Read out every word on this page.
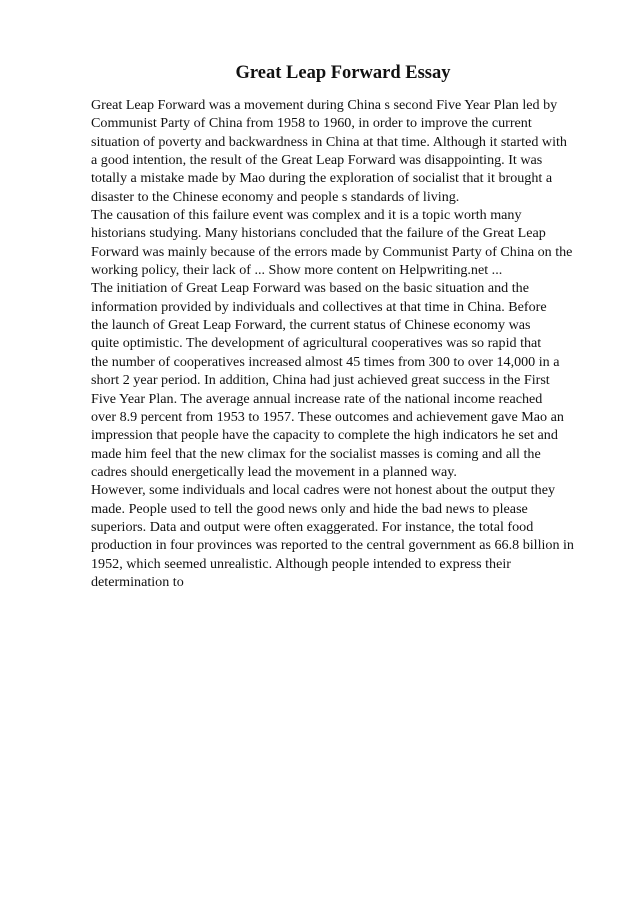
Great Leap Forward Essay
Great Leap Forward was a movement during China s second Five Year Plan led by
Communist Party of China from 1958 to 1960, in order to improve the current
situation of poverty and backwardness in China at that time. Although it started with
a good intention, the result of the Great Leap Forward was disappointing. It was
totally a mistake made by Mao during the exploration of socialist that it brought a
disaster to the Chinese economy and people s standards of living.
The causation of this failure event was complex and it is a topic worth many
historians studying. Many historians concluded that the failure of the Great Leap
Forward was mainly because of the errors made by Communist Party of China on the
working policy, their lack of ... Show more content on Helpwriting.net ...
The initiation of Great Leap Forward was based on the basic situation and the
information provided by individuals and collectives at that time in China. Before
the launch of Great Leap Forward, the current status of Chinese economy was
quite optimistic. The development of agricultural cooperatives was so rapid that
the number of cooperatives increased almost 45 times from 300 to over 14,000 in a
short 2 year period. In addition, China had just achieved great success in the First
Five Year Plan. The average annual increase rate of the national income reached
over 8.9 percent from 1953 to 1957. These outcomes and achievement gave Mao an
impression that people have the capacity to complete the high indicators he set and
made him feel that the new climax for the socialist masses is coming and all the
cadres should energetically lead the movement in a planned way.
However, some individuals and local cadres were not honest about the output they
made. People used to tell the good news only and hide the bad news to please
superiors. Data and output were often exaggerated. For instance, the total food
production in four provinces was reported to the central government as 66.8 billion in
1952, which seemed unrealistic. Although people intended to express their
determination to
